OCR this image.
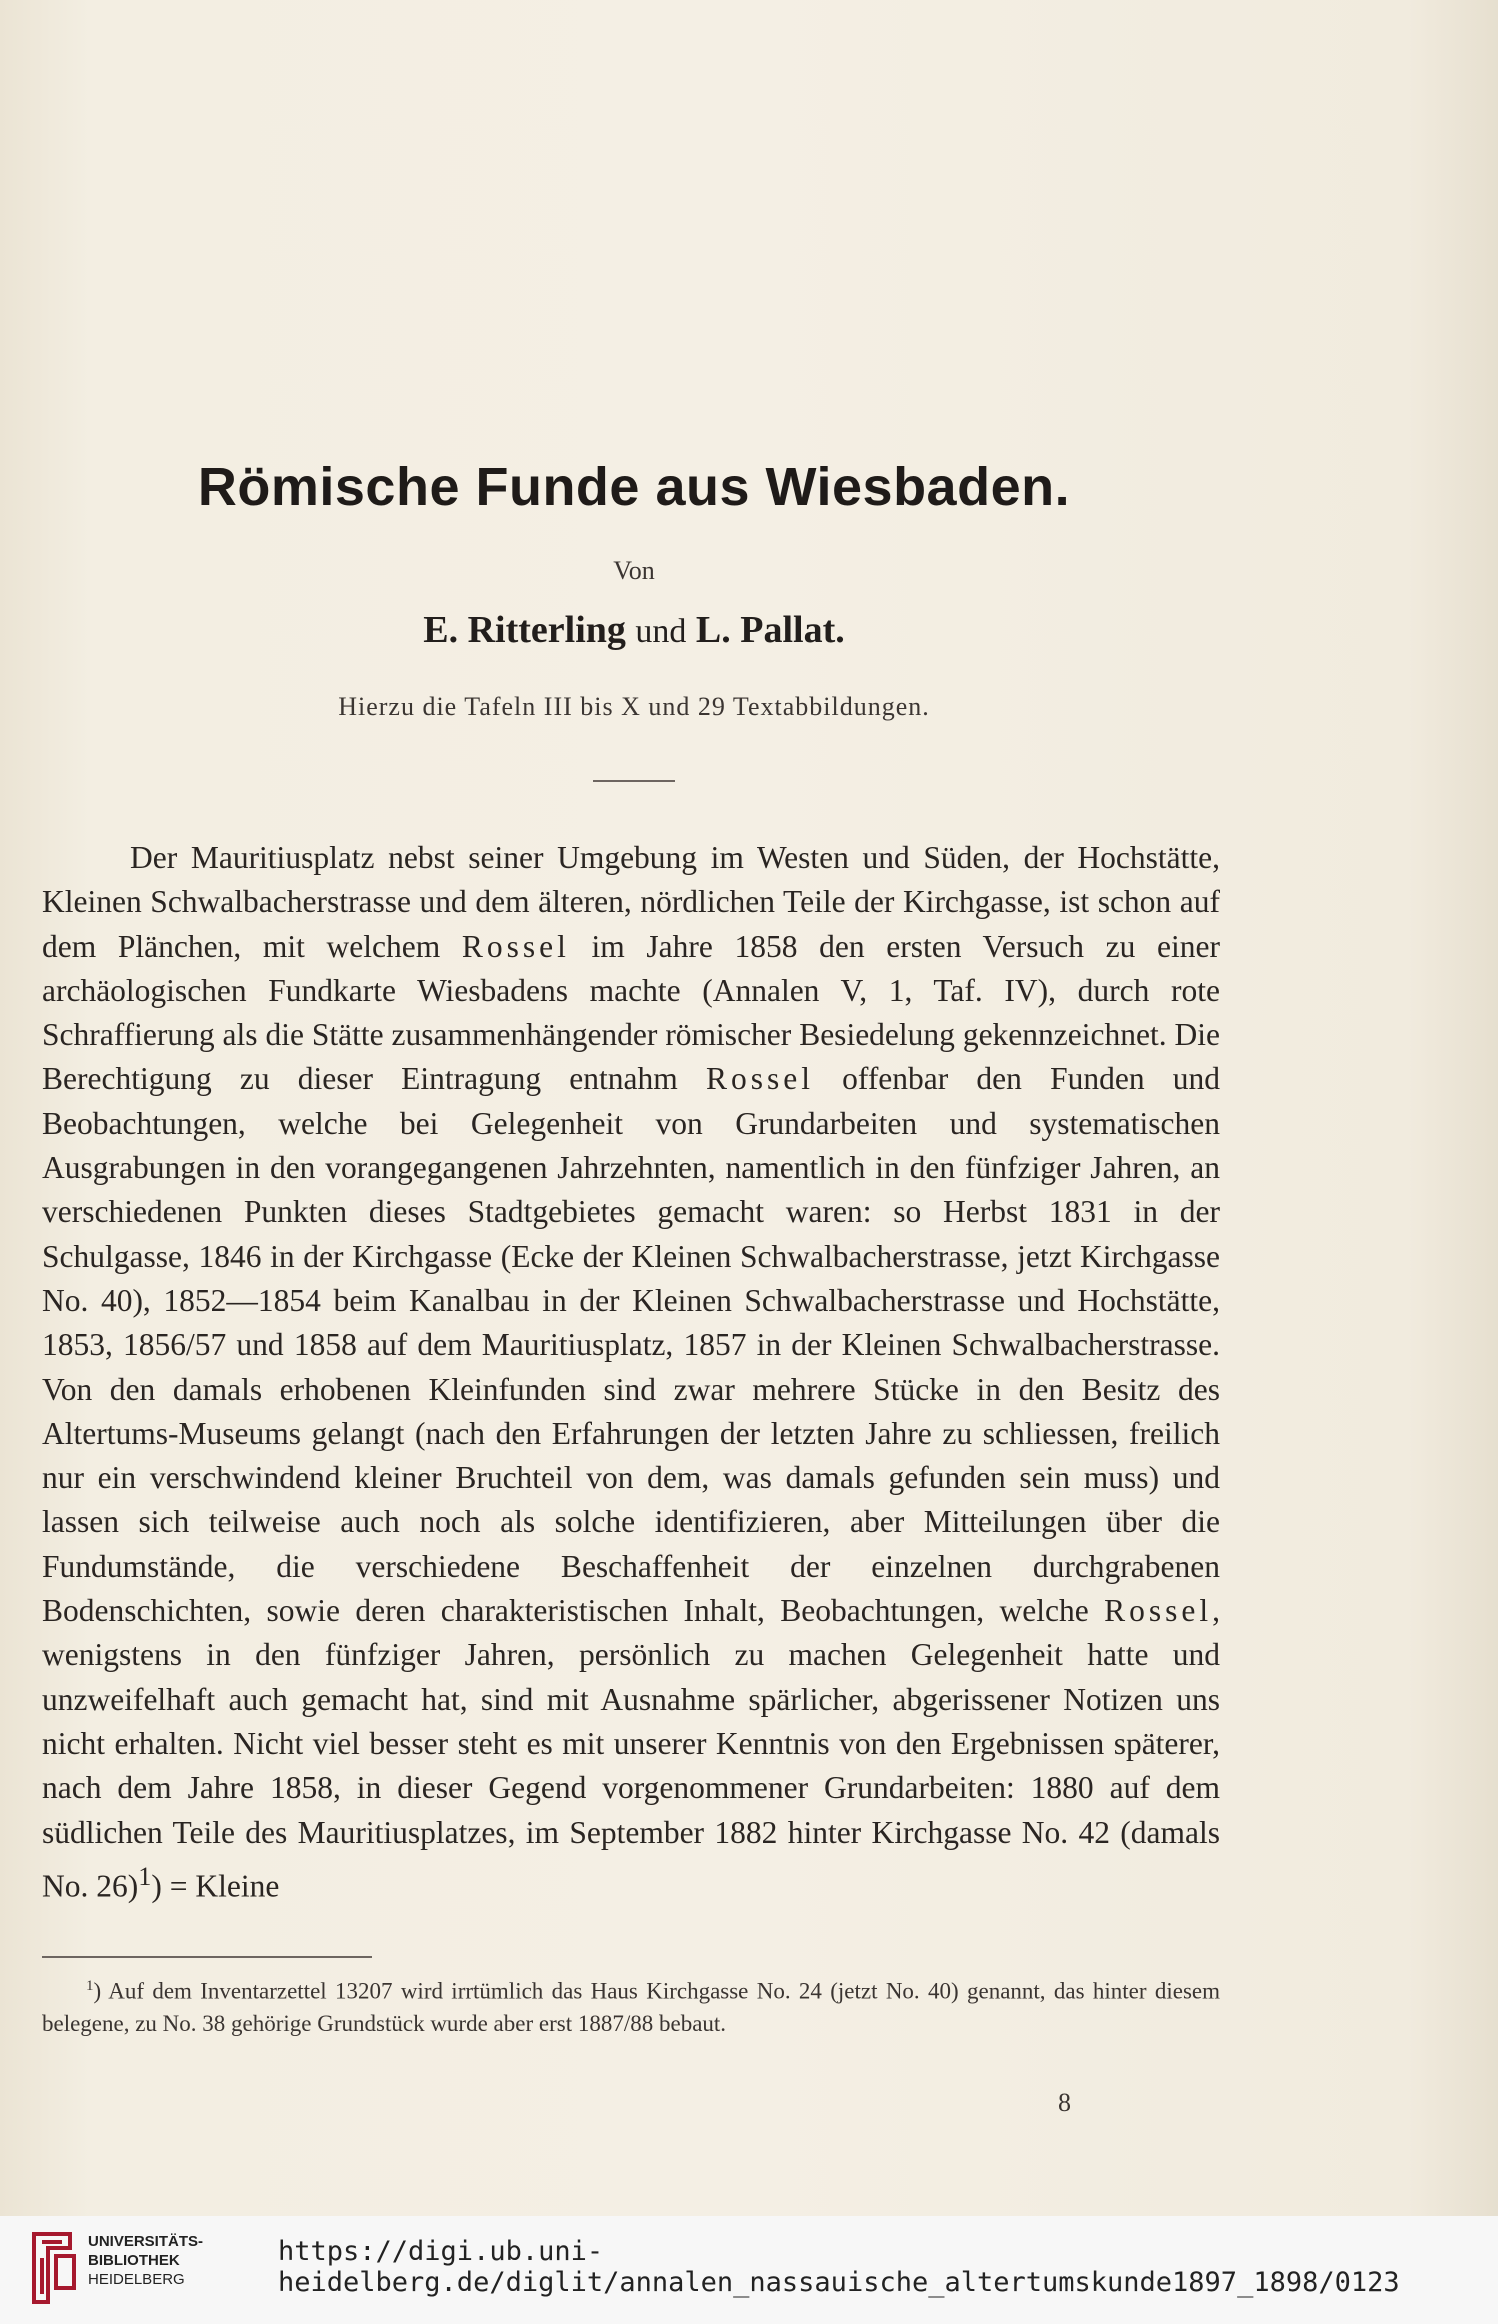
Römische Funde aus Wiesbaden.
Von
E. Ritterling und L. Pallat.
Hierzu die Tafeln III bis X und 29 Textabbildungen.
Der Mauritiusplatz nebst seiner Umgebung im Westen und Süden, der Hochstätte, Kleinen Schwalbacherstrasse und dem älteren, nördlichen Teile der Kirchgasse, ist schon auf dem Plänchen, mit welchem Rossel im Jahre 1858 den ersten Versuch zu einer archäologischen Fundkarte Wiesbadens machte (Annalen V, 1, Taf. IV), durch rote Schraffierung als die Stätte zusammenhängender römischer Besiedelung gekennzeichnet. Die Berechtigung zu dieser Eintragung entnahm Rossel offenbar den Funden und Beobachtungen, welche bei Gelegenheit von Grundarbeiten und systematischen Ausgrabungen in den vorangegangenen Jahrzehnten, namentlich in den fünfziger Jahren, an verschiedenen Punkten dieses Stadtgebietes gemacht waren: so Herbst 1831 in der Schulgasse, 1846 in der Kirchgasse (Ecke der Kleinen Schwalbacherstrasse, jetzt Kirchgasse No. 40), 1852—1854 beim Kanalbau in der Kleinen Schwalbacherstrasse und Hochstätte, 1853, 1856/57 und 1858 auf dem Mauritiusplatz, 1857 in der Kleinen Schwalbacherstrasse. Von den damals erhobenen Kleinfunden sind zwar mehrere Stücke in den Besitz des Altertums-Museums gelangt (nach den Erfahrungen der letzten Jahre zu schliessen, freilich nur ein verschwindend kleiner Bruchteil von dem, was damals gefunden sein muss) und lassen sich teilweise auch noch als solche identifizieren, aber Mitteilungen über die Fundumstände, die verschiedene Beschaffenheit der einzelnen durchgrabenen Bodenschichten, sowie deren charakteristischen Inhalt, Beobachtungen, welche Rossel, wenigstens in den fünfziger Jahren, persönlich zu machen Gelegenheit hatte und unzweifelhaft auch gemacht hat, sind mit Ausnahme spärlicher, abgerissener Notizen uns nicht erhalten. Nicht viel besser steht es mit unserer Kenntnis von den Ergebnissen späterer, nach dem Jahre 1858, in dieser Gegend vorgenommener Grundarbeiten: 1880 auf dem südlichen Teile des Mauritiusplatzes, im September 1882 hinter Kirchgasse No. 42 (damals No. 26)$^1$) = Kleine
$^1$) Auf dem Inventarzettel 13207 wird irrtümlich das Haus Kirchgasse No. 24 (jetzt No. 40) genannt, das hinter diesem belegene, zu No. 38 gehörige Grundstück wurde aber erst 1887/88 bebaut.
8
UNIVERSITÄTS-
BIBLIOTHEK
HEIDELBERG
https://digi.ub.uni-heidelberg.de/diglit/annalen_nassauische_altertumskunde1897_1898/0123
